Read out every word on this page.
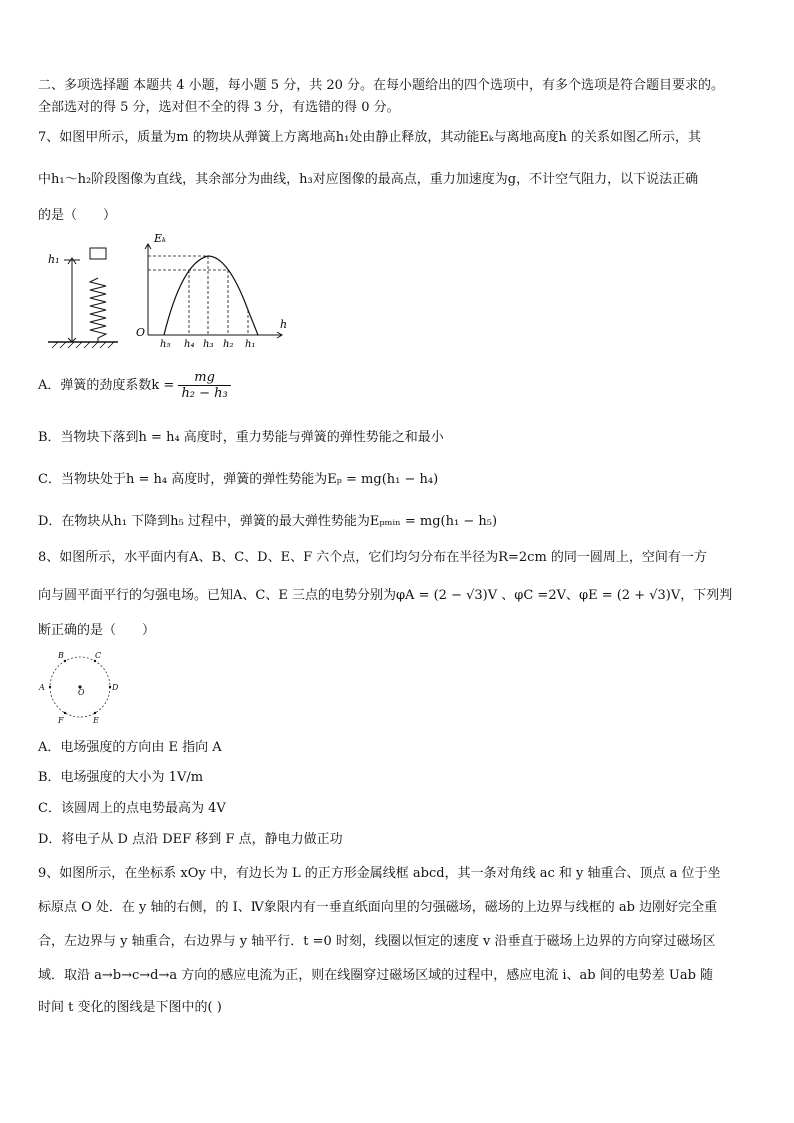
二、多项选择题 本题共 4 小题，每小题 5 分，共 20 分。在每小题给出的四个选项中，有多个选项是符合题目要求的。
全部选对的得 5 分，选对但不全的得 3 分，有选错的得 0 分。
7、如图甲所示，质量为m 的物块从弹簧上方离地高h₁处由静止释放，其动能Eₖ与离地高度h 的关系如图乙所示，其
中h₁～h₂阶段图像为直线，其余部分为曲线，h₃对应图像的最高点，重力加速度为g，不计空气阻力，以下说法正确
的是（　　）
h₁
Eₖ
O
h
h₅ h₄ h₃ h₂ h₁
A．弹簧的劲度系数$k = \frac{mg}{\text{h₂ − h₃}}$
B．当物块下落到h = h₄ 高度时，重力势能与弹簧的弹性势能之和最小
C．当物块处于h = h₄ 高度时，弹簧的弹性势能为Eₚ = mg(h₁ − h₄)
D．在物块从h₁ 下降到h₅ 过程中，弹簧的最大弹性势能为Eₚₘᵢₙ = mg(h₁ − h₅)
8、如图所示，水平面内有A、B、C、D、E、F 六个点，它们均匀分布在半径为R=2cm 的同一圆周上，空间有一方
向与圆平面平行的匀强电场。已知A、C、E 三点的电势分别为φA = (2 − √3)V 、φC =2V、φE = (2 + √3)V，下列判
断正确的是（　　）
A
B	C
D
E
F
O
A．电场强度的方向由 E 指向 A
B．电场强度的大小为 1V/m
C．该圆周上的点电势最高为 4V
D．将电子从 D 点沿 DEF 移到 F 点，静电力做正功
9、如图所示，在坐标系 xOy 中，有边长为 L 的正方形金属线框 abcd，其一条对角线 ac 和 y 轴重合、顶点 a 位于坐
标原点 O 处．在 y 轴的右侧，的 I、Ⅳ象限内有一垂直纸面向里的匀强磁场，磁场的上边界与线框的 ab 边刚好完全重
合，左边界与 y 轴重合，右边界与 y 轴平行．t =0 时刻，线圈以恒定的速度 v 沿垂直于磁场上边界的方向穿过磁场区
域．取沿 a→b→c→d→a 方向的感应电流为正，则在线圈穿过磁场区域的过程中，感应电流 i、ab 间的电势差 Uab 随
时间 t 变化的图线是下图中的( )
